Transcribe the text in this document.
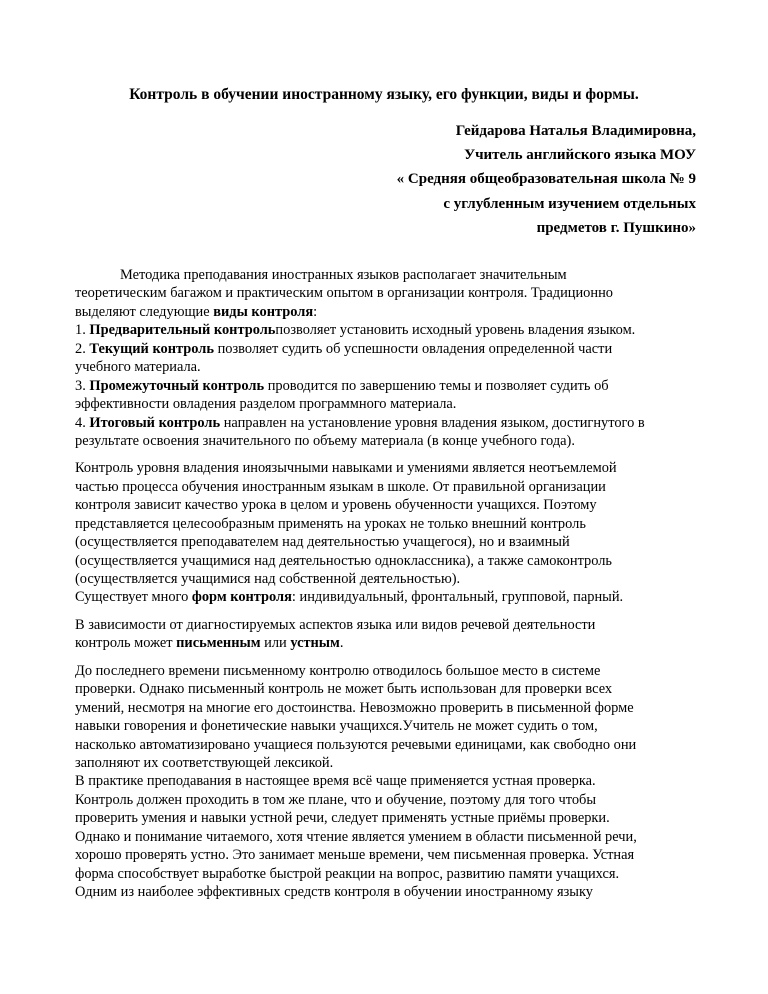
Контроль в обучении иностранному языку, его функции, виды и формы.
Гейдарова Наталья Владимировна,
Учитель английского языка МОУ
« Средняя общеобразовательная школа № 9
с углубленным изучением отдельных
предметов г. Пушкино»
Методика преподавания иностранных языков располагает значительным
теоретическим багажом и практическим опытом в организации контроля. Традиционно
выделяют следующие виды контроля:
1. Предварительный контрольпозволяет установить исходный уровень владения языком.
2. Текущий контроль позволяет судить об успешности овладения определенной части
учебного материала.
3. Промежуточный контроль проводится по завершению темы и позволяет судить об
эффективности овладения разделом программного материала.
4. Итоговый контроль направлен на установление уровня владения языком, достигнутого в
результате освоения значительного по объему материала (в конце учебного года).
Контроль уровня владения иноязычными навыками и умениями является неотъемлемой
частью процесса обучения иностранным языкам в школе. От правильной организации
контроля зависит качество урока в целом и уровень обученности учащихся. Поэтому
представляется целесообразным применять на уроках не только внешний контроль
(осуществляется преподавателем над деятельностью учащегося), но и взаимный
(осуществляется учащимися над деятельностью одноклассника), а также самоконтроль
(осуществляется учащимися над собственной деятельностью).
Существует много форм контроля: индивидуальный, фронтальный, групповой, парный.
В зависимости от диагностируемых аспектов языка или видов речевой деятельности
контроль может письменным или устным.
До последнего времени письменному контролю отводилось большое место в системе
проверки. Однако письменный контроль не может быть использован для проверки всех
умений, несмотря на многие его достоинства. Невозможно проверить в письменной форме
навыки говорения и фонетические навыки учащихся.Учитель не может судить о том,
насколько автоматизировано учащиеся пользуются речевыми единицами, как свободно они
заполняют их соответствующей лексикой.
В практике преподавания в настоящее время всё чаще применяется устная проверка.
Контроль должен проходить в том же плане, что и обучение, поэтому для того чтобы
проверить умения и навыки устной речи, следует применять устные приёмы проверки.
Однако и понимание читаемого, хотя чтение является умением в области письменной речи,
хорошо проверять устно. Это занимает меньше времени, чем письменная проверка. Устная
форма способствует выработке быстрой реакции на вопрос, развитию памяти учащихся.
Одним из наиболее эффективных средств контроля в обучении иностранному языку
